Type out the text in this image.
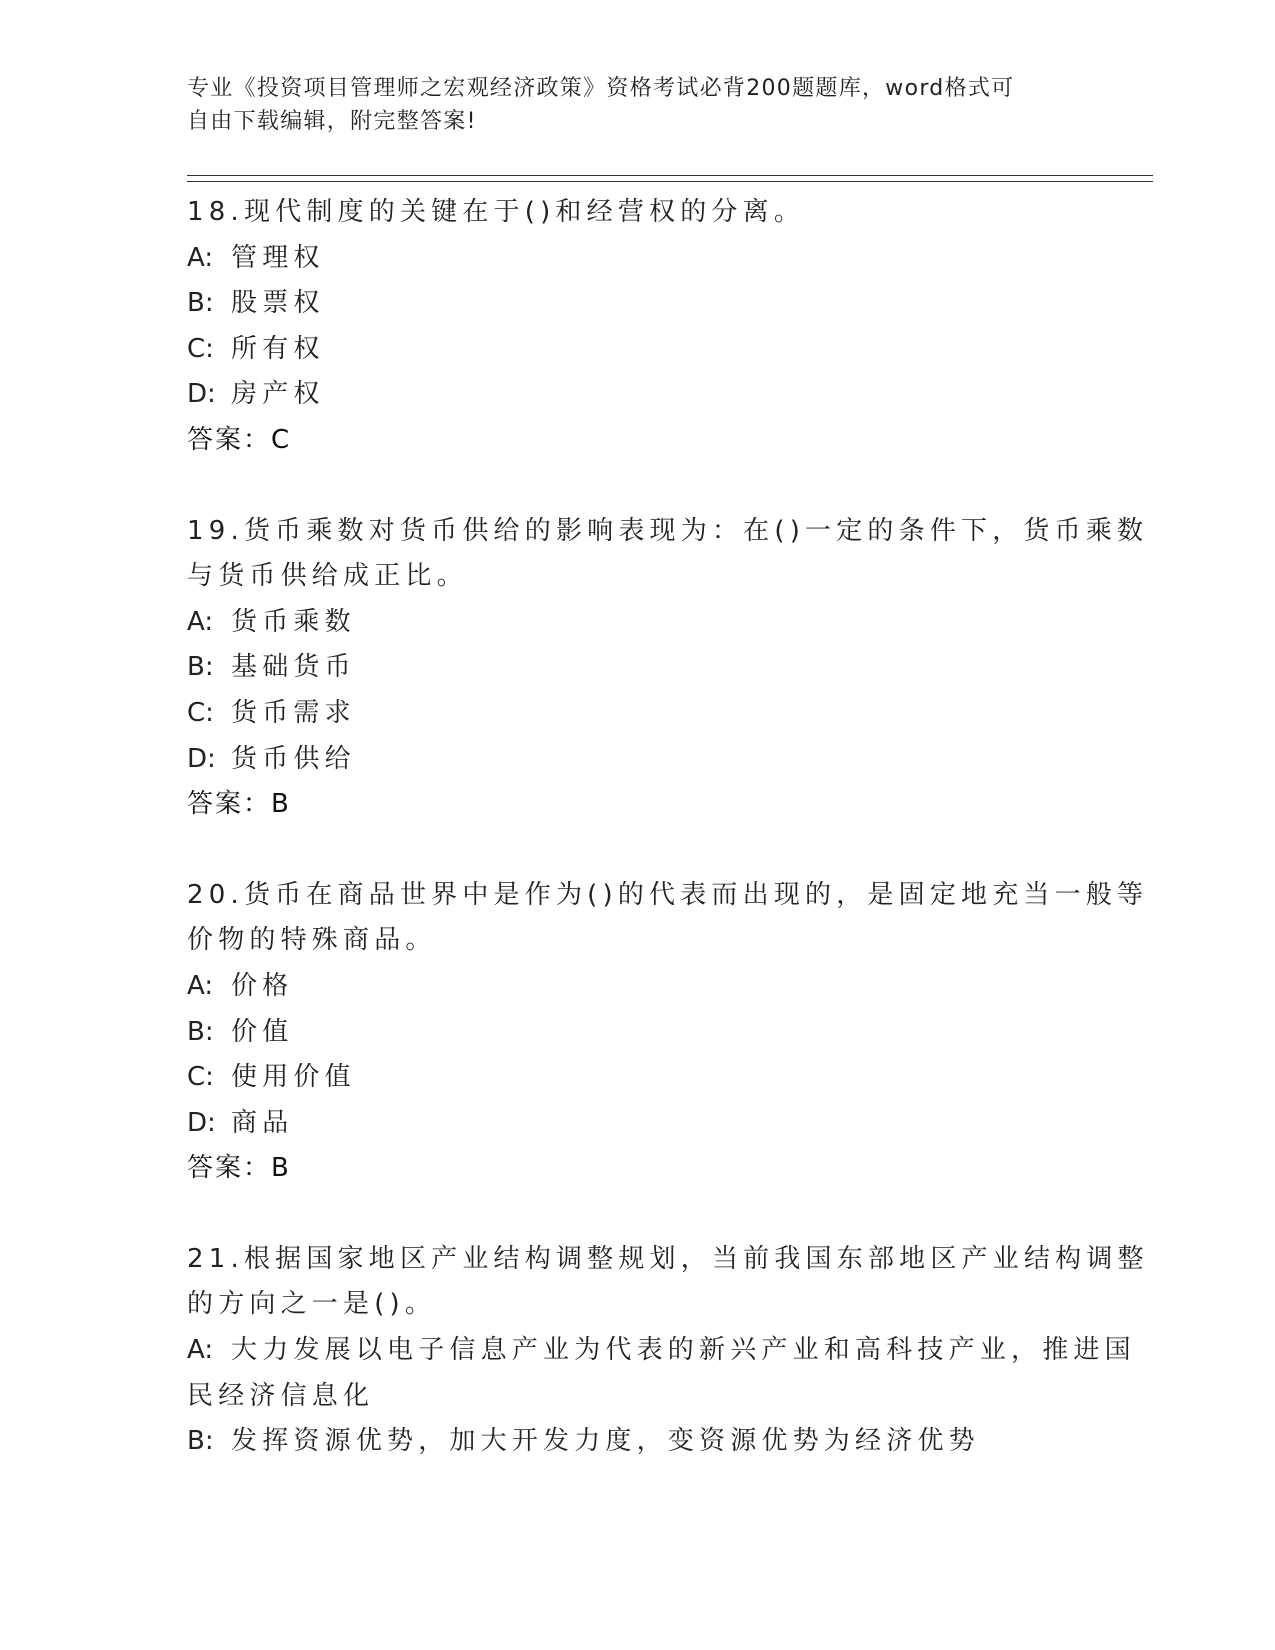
专业《投资项目管理师之宏观经济政策》资格考试必背200题题库，word格式可

自由下载编辑，附完整答案!

18.现代制度的关键在于()和经营权的分离。

A: 管理权

B: 股票权

C: 所有权

D: 房产权

答案：C

19.货币乘数对货币供给的影响表现为：在()一定的条件下，货币乘数

与货币供给成正比。

A: 货币乘数

B: 基础货币

C: 货币需求

D: 货币供给

答案：B

20.货币在商品世界中是作为()的代表而出现的，是固定地充当一般等

价物的特殊商品。

A: 价格

B: 价值

C: 使用价值

D: 商品

答案：B

21.根据国家地区产业结构调整规划，当前我国东部地区产业结构调整

的方向之一是()。

A: 大力发展以电子信息产业为代表的新兴产业和高科技产业，推进国

民经济信息化

B: 发挥资源优势，加大开发力度，变资源优势为经济优势
